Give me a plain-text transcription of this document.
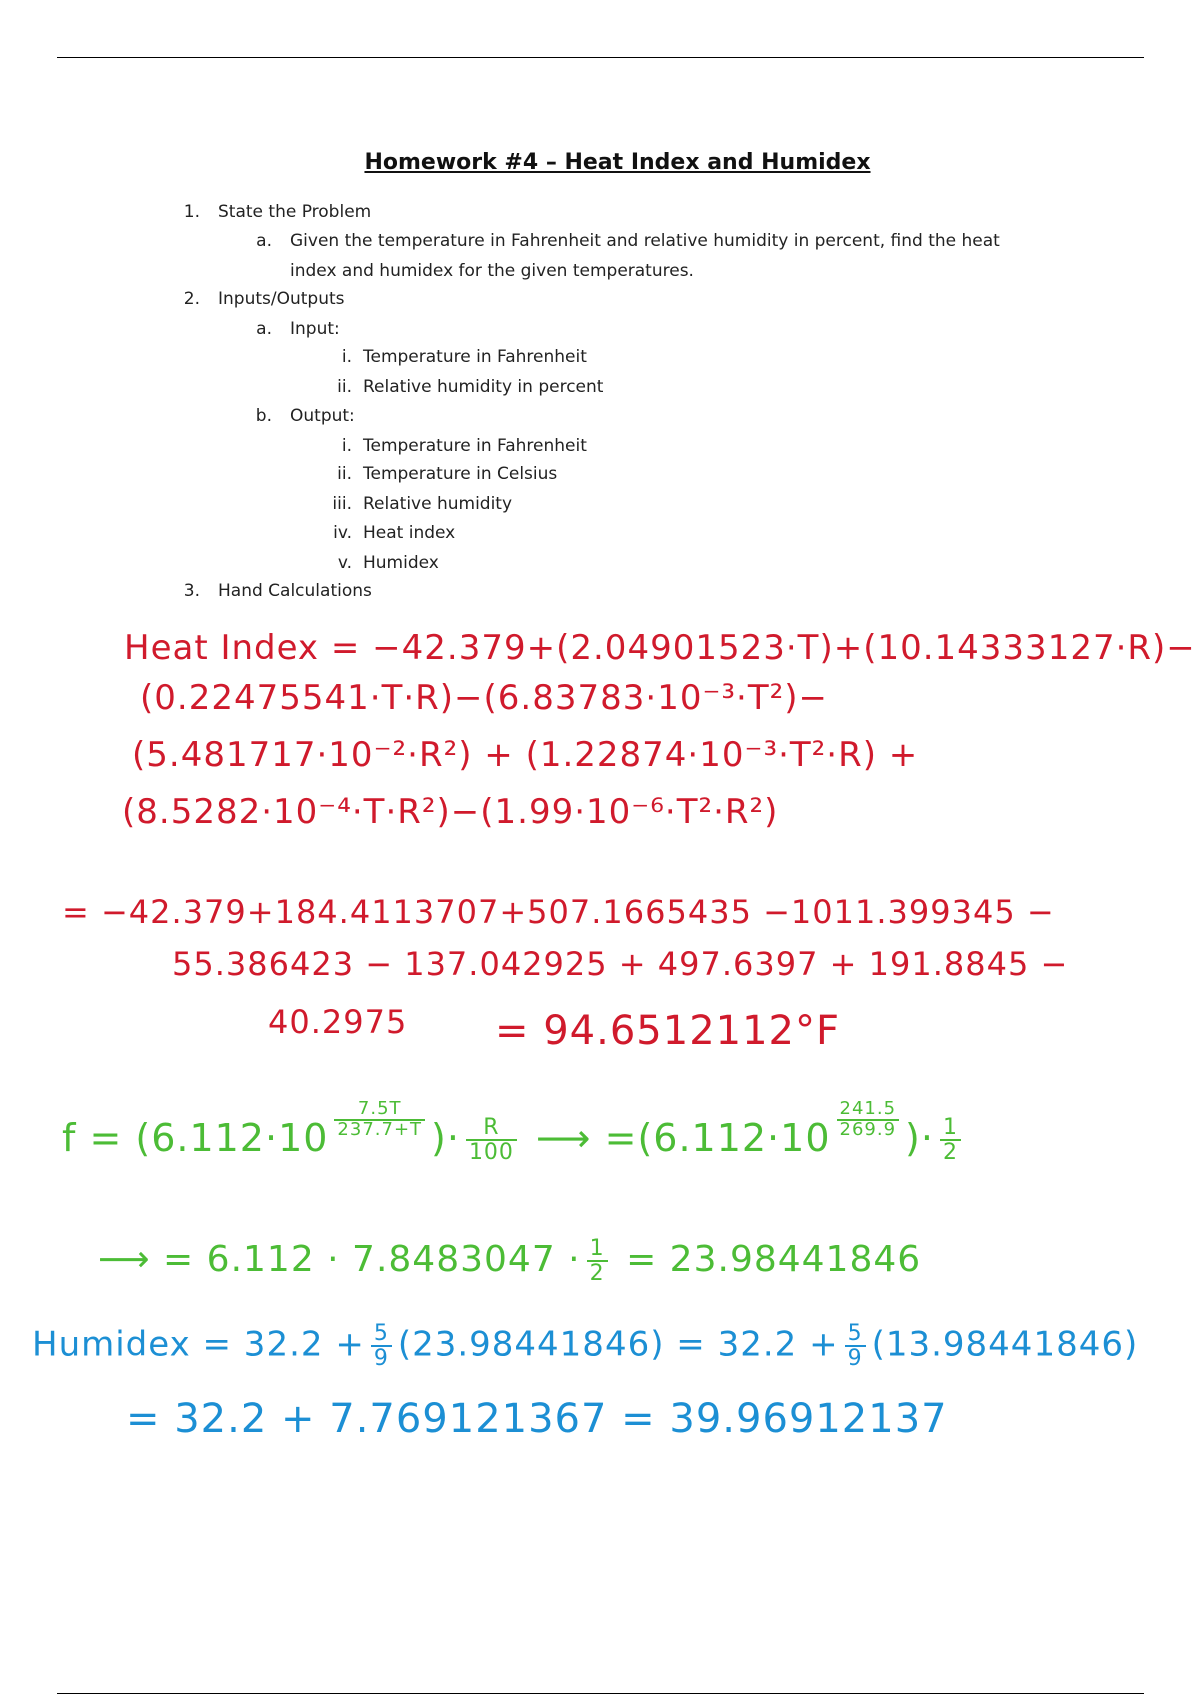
Homework #4 – Heat Index and Humidex
1. State the Problem
a. Given the temperature in Fahrenheit and relative humidity in percent, find the heat
index and humidex for the given temperatures.
2. Inputs/Outputs
a. Input:
i. Temperature in Fahrenheit
ii. Relative humidity in percent
b. Output:
i. Temperature in Fahrenheit
ii. Temperature in Celsius
iii. Relative humidity
iv. Heat index
v. Humidex
3. Hand Calculations
Heat Index = −42.379+(2.04901523·T)+(10.14333127·R)−
(0.22475541·T·R)−(6.83783·10⁻³·T²)−
(5.481717·10⁻²·R²) + (1.22874·10⁻³·T²·R) +
(8.5282·10⁻⁴·T·R²)−(1.99·10⁻⁶·T²·R²)
= −42.379+184.4113707+507.1665435 −1011.399345 −
55.386423 − 137.042925 + 497.6397 + 191.8845 −
40.2975 = 94.6512112°F
$f = (6.112\cdot 10 \frac{7.5T}{237.7+T}$ )· $\frac{R}{100}$ ⟶ $=(6.112\cdot 10 \frac{241.5}{269.9}$ )· $\frac{1}{2}$
⟶ = $6.112 \cdot 7.8483047 \cdot \frac{1}{2} = 23.98441846$
Humidex = $32.2 + \frac{5}{9} (23.98441846) = 32.2 + \frac{5}{9} (13.98441846)$
= 32.2 + 7.769121367 = 39.96912137
